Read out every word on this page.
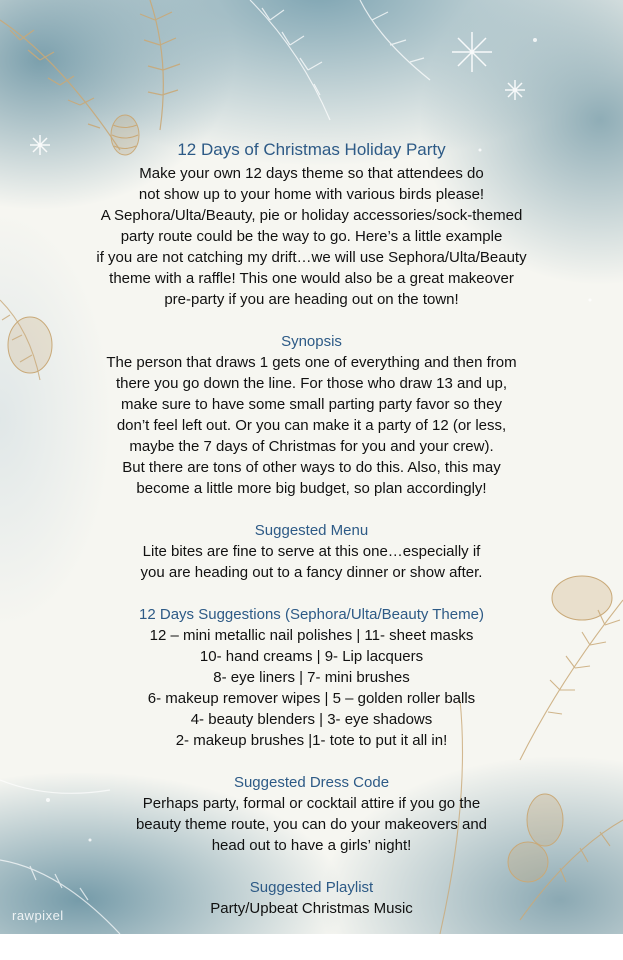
12 Days of Christmas Holiday Party
Make your own 12 days theme so that attendees do
not show up to your home with various birds please!
A Sephora/Ulta/Beauty, pie or holiday accessories/sock-themed
party route could be the way to go. Here’s a little example
if you are not catching my drift…we will use Sephora/Ulta/Beauty
theme with a raffle! This one would also be a great makeover
pre-party if you are heading out on the town!
Synopsis
The person that draws 1 gets one of everything and then from
there you go down the line. For those who draw 13 and up,
make sure to have some small parting party favor so they
don’t feel left out. Or you can make it a party of 12 (or less,
maybe the 7 days of Christmas for you and your crew).
But there are tons of other ways to do this. Also, this may
become a little more big budget, so plan accordingly!
Suggested Menu
Lite bites are fine to serve at this one…especially if
you are heading out to a fancy dinner or show after.
12 Days Suggestions (Sephora/Ulta/Beauty Theme)
12 – mini metallic nail polishes | 11- sheet masks
10- hand creams | 9- Lip lacquers
8- eye liners | 7- mini brushes
6- makeup remover wipes | 5 – golden roller balls
4- beauty blenders | 3- eye shadows
2- makeup brushes |1- tote to put it all in!
Suggested Dress Code
Perhaps party, formal or cocktail attire if you go the
beauty theme route, you can do your makeovers and
head out to have a girls’ night!
Suggested Playlist
Party/Upbeat Christmas Music
rawpixel
